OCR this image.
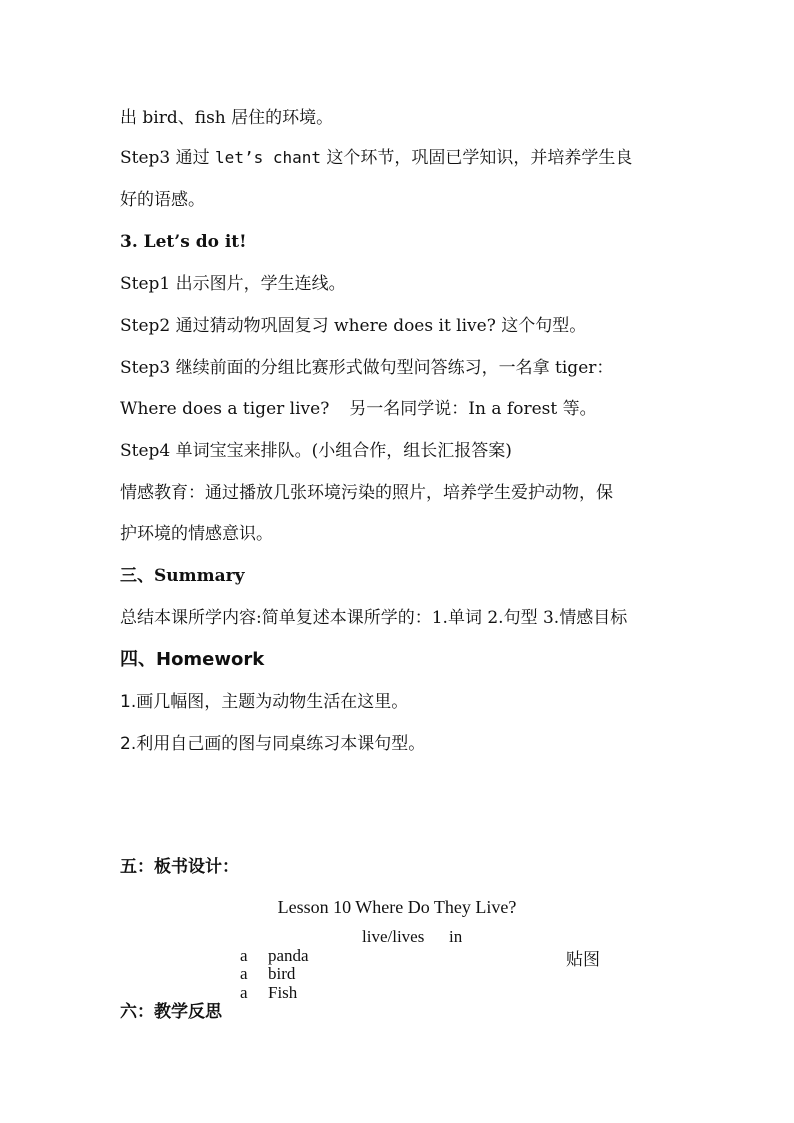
出 bird、fish 居住的环境。
Step3 通过 let’s chant 这个环节，巩固已学知识，并培养学生良
好的语感。
3. Let’s do it!
Step1 出示图片，学生连线。
Step2 通过猜动物巩固复习 where does it live? 这个句型。
Step3 继续前面的分组比赛形式做句型问答练习，一名拿 tiger：
Where does a tiger live? 另一名同学说：In a forest 等。
Step4 单词宝宝来排队。(小组合作，组长汇报答案)
情感教育：通过播放几张环境污染的照片，培养学生爱护动物，保
护环境的情感意识。
三、Summary
总结本课所学内容:简单复述本课所学的：1.单词 2.句型 3.情感目标
四、Homework
1.画几幅图，主题为动物生活在这里。
2.利用自己画的图与同桌练习本课句型。
五：板书设计：
Lesson 10 Where Do They Live?
live/lives in
贴图
a panda
a bird
a Fish
六：教学反思
